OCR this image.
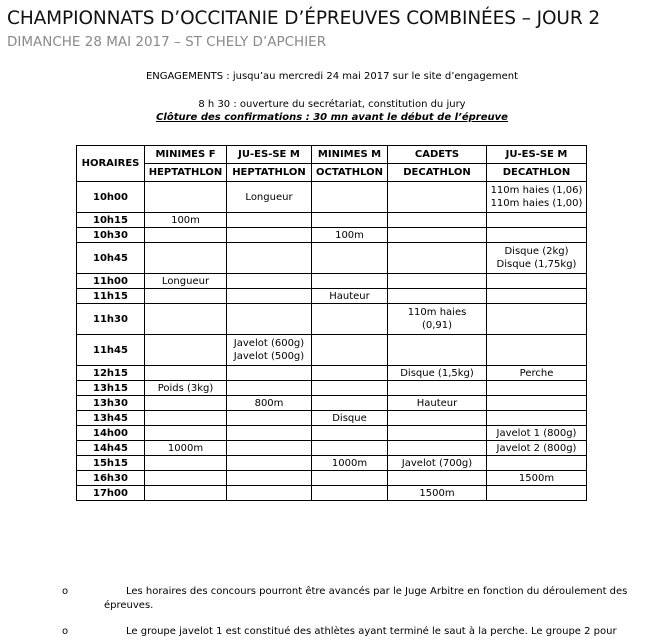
CHAMPIONNATS D’OCCITANIE D’ÉPREUVES COMBINÉES – JOUR 2
DIMANCHE 28 MAI 2017 – ST CHELY D’APCHIER
ENGAGEMENTS : jusqu’au mercredi 24 mai 2017 sur le site d’engagement
8 h 30 : ouverture du secrétariat, constitution du jury
Clôture des confirmations : 30 mn avant le début de l’épreuve
HORAIRES	MINIMES F	JU-ES-SE M	MINIMES M	CADETS	JU-ES-SE M
	HEPTATHLON	HEPTATHLON	OCTATHLON	DECATHLON	DECATHLON
10h00		Longueur			110m haies (1,06)
110m haies (1,00)

10h15	100m				

10h30			100m		

10h45					Disque (2kg)
Disque (1,75kg)

11h00	Longueur				

11h15			Hauteur		

11h30				110m haies
(0,91)	

11h45		Javelot (600g)
Javelot (500g)			

12h15				Disque (1,5kg)	Perche

13h15	Poids (3kg)				

13h30		800m		Hauteur	

13h45			Disque		

14h00					Javelot 1 (800g)

14h45	1000m				Javelot 2 (800g)

15h15			1000m	Javelot (700g)	

16h30					1500m

17h00				1500m	

o	Les horaires des concours pourront être avancés par le Juge Arbitre en fonction du déroulement des épreuves.
o	Le groupe javelot 1 est constitué des athlètes ayant terminé le saut à la perche. Le groupe 2 pour
